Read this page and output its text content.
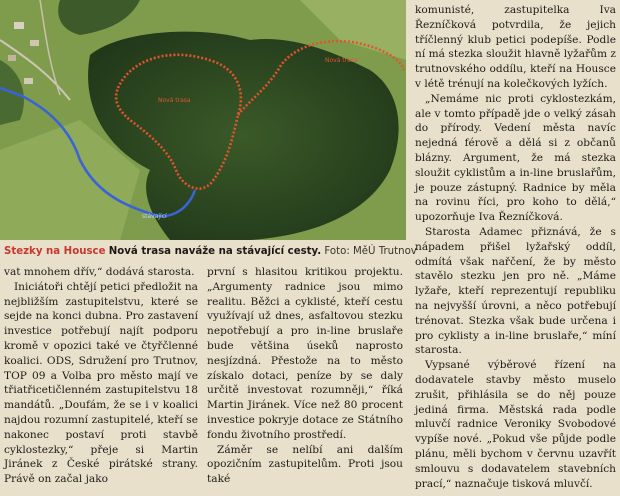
Nová trasa
Nová trasa
stávající
Stezky na Housce Nová trasa naváže na stávající cesty. Foto: MěÚ Trutnov

vat mnohem dřív,“ dodává starosta.

Iniciátoři chtějí petici předložit na nejbližším zastupitelstvu, které se sejde na konci dubna. Pro zastavení investice potřebují najít podporu kromě v opozici také ve čtyřčlenné koalici. ODS, Sdružení pro Trutnov, TOP 09 a Volba pro město mají ve třiatřicetičlenném zastupitelstvu 18 mandátů. „Doufám, že se i v koalici najdou rozumní zastupitelé, kteří se nakonec postaví proti stavbě cyklostezky,“ přeje si Martin Jiránek z České pirátské strany. Právě on začal jako

první s hlasitou kritikou projektu. „Argumenty radnice jsou mimo realitu. Běžci a cyklisté, kteří cestu využívají už dnes, asfaltovou stezku nepotřebují a pro in-line bruslaře bude většina úseků naprosto nesjízdná. Přestože na to město získalo dotaci, peníze by se daly určitě investovat rozumněji,“ říká Martin Jiránek. Více než 80 procent investice pokryje dotace ze Státního fondu životního prostředí.

Záměr se nelíbí ani dalším opozičním zastupitelům. Proti jsou také

komunisté, zastupitelka Iva Řezníčková potvrdila, že jejich tříčlenný klub petici podepíše. Podle ní má stezka sloužit hlavně lyžařům z trutnovského oddílu, kteří na Housce v létě trénují na kolečkových lyžích.

„Nemáme nic proti cyklostezkám, ale v tomto případě jde o velký zásah do přírody. Vedení města navíc nejedná férově a dělá si z občanů blázny. Argument, že má stezka sloužit cyklistům a in-line bruslařům, je pouze zástupný. Radnice by měla na rovinu říci, pro koho to dělá,“ upozorňuje Iva Řezníčková.

Starosta Adamec přiznává, že s nápadem přišel lyžařský oddíl, odmítá však nařčení, že by město stavělo stezku jen pro ně. „Máme lyžaře, kteří reprezentují republiku na nejvyšší úrovni, a něco potřebují trénovat. Stezka však bude určena i pro cyklisty a in-line bruslaře,“ míní starosta.

Vypsané výběrové řízení na dodavatele stavby město muselo zrušit, přihlásila se do něj pouze jediná firma. Městská rada podle mluvčí radnice Veroniky Svobodové vypíše nové. „Pokud vše půjde podle plánu, měli bychom v červnu uzavřít smlouvu s dodavatelem stavebních prací,“ naznačuje tisková mluvčí.
